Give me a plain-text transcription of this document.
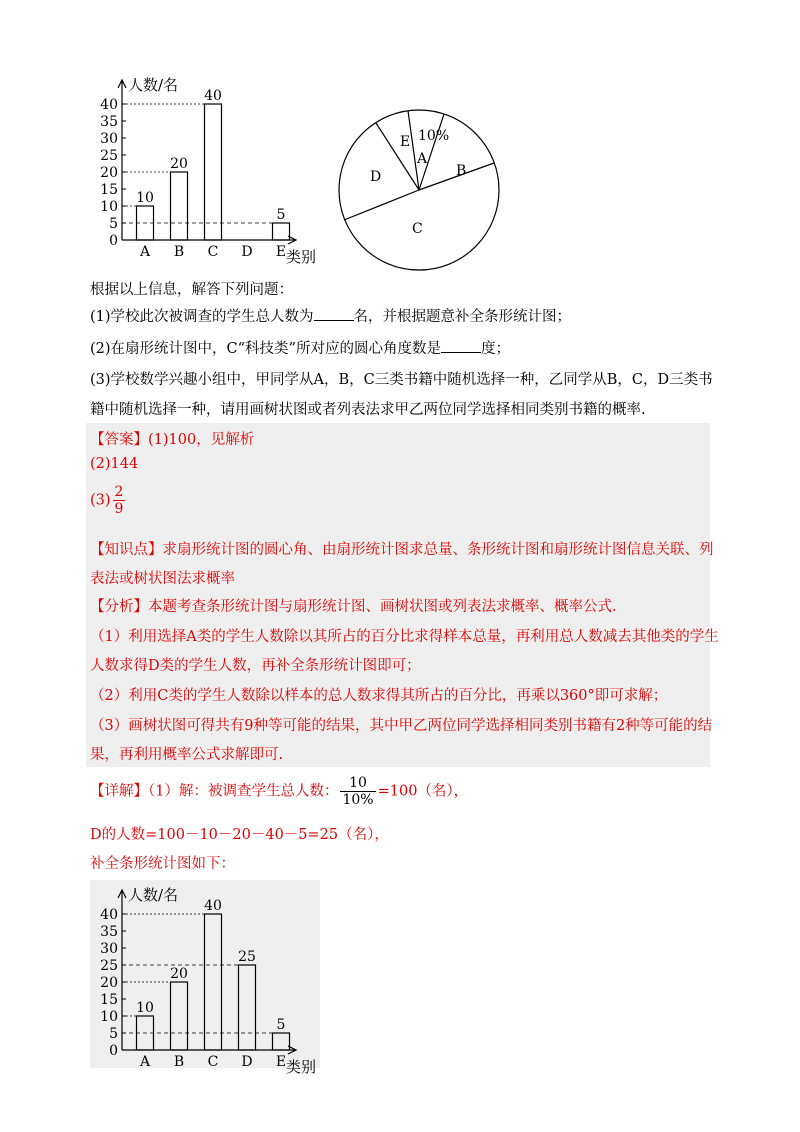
人数/名
类别
0
5
10
15
20
25
30
35
40
A
10
B
20
C
40
D E
5
E 10%
A
B
C
D
根据以上信息，解答下列问题：
(1)学校此次被调查的学生总人数为	名，并根据题意补全条形统计图；
(2)在扇形统计图中，C“科技类”所对应的圆心角度数是	度；
(3)学校数学兴趣小组中，甲同学从A，B，C三类书籍中随机选择一种，乙同学从B，C，D三类书
籍中随机选择一种，请用画树状图或者列表法求甲乙两位同学选择相同类别书籍的概率.
【答案】(1)100，见解析
(2)144
$(3) \frac{2}{9}$
【知识点】求扇形统计图的圆心角、由扇形统计图求总量、条形统计图和扇形统计图信息关联、列
表法或树状图法求概率
【分析】本题考查条形统计图与扇形统计图、画树状图或列表法求概率、概率公式.
（1）利用选择A类的学生人数除以其所占的百分比求得样本总量，再利用总人数减去其他类的学生
人数求得D类的学生人数，再补全条形统计图即可；
（2）利用C类的学生人数除以样本的总人数求得其所占的百分比，再乘以360°即可求解；
（3）画树状图可得共有9种等可能的结果，其中甲乙两位同学选择相同类别书籍有2种等可能的结
果，再利用概率公式求解即可.
【详解】（1）解：被调查学生总人数： $\frac{10}{10\%} =100$（名），
D的人数=100－10－20－40－5=25（名），
补全条形统计图如下：
人数/名
类别
0
5
10
15
20
25
30
35
40
A
10
B
20
C
40
D
25
E
5
